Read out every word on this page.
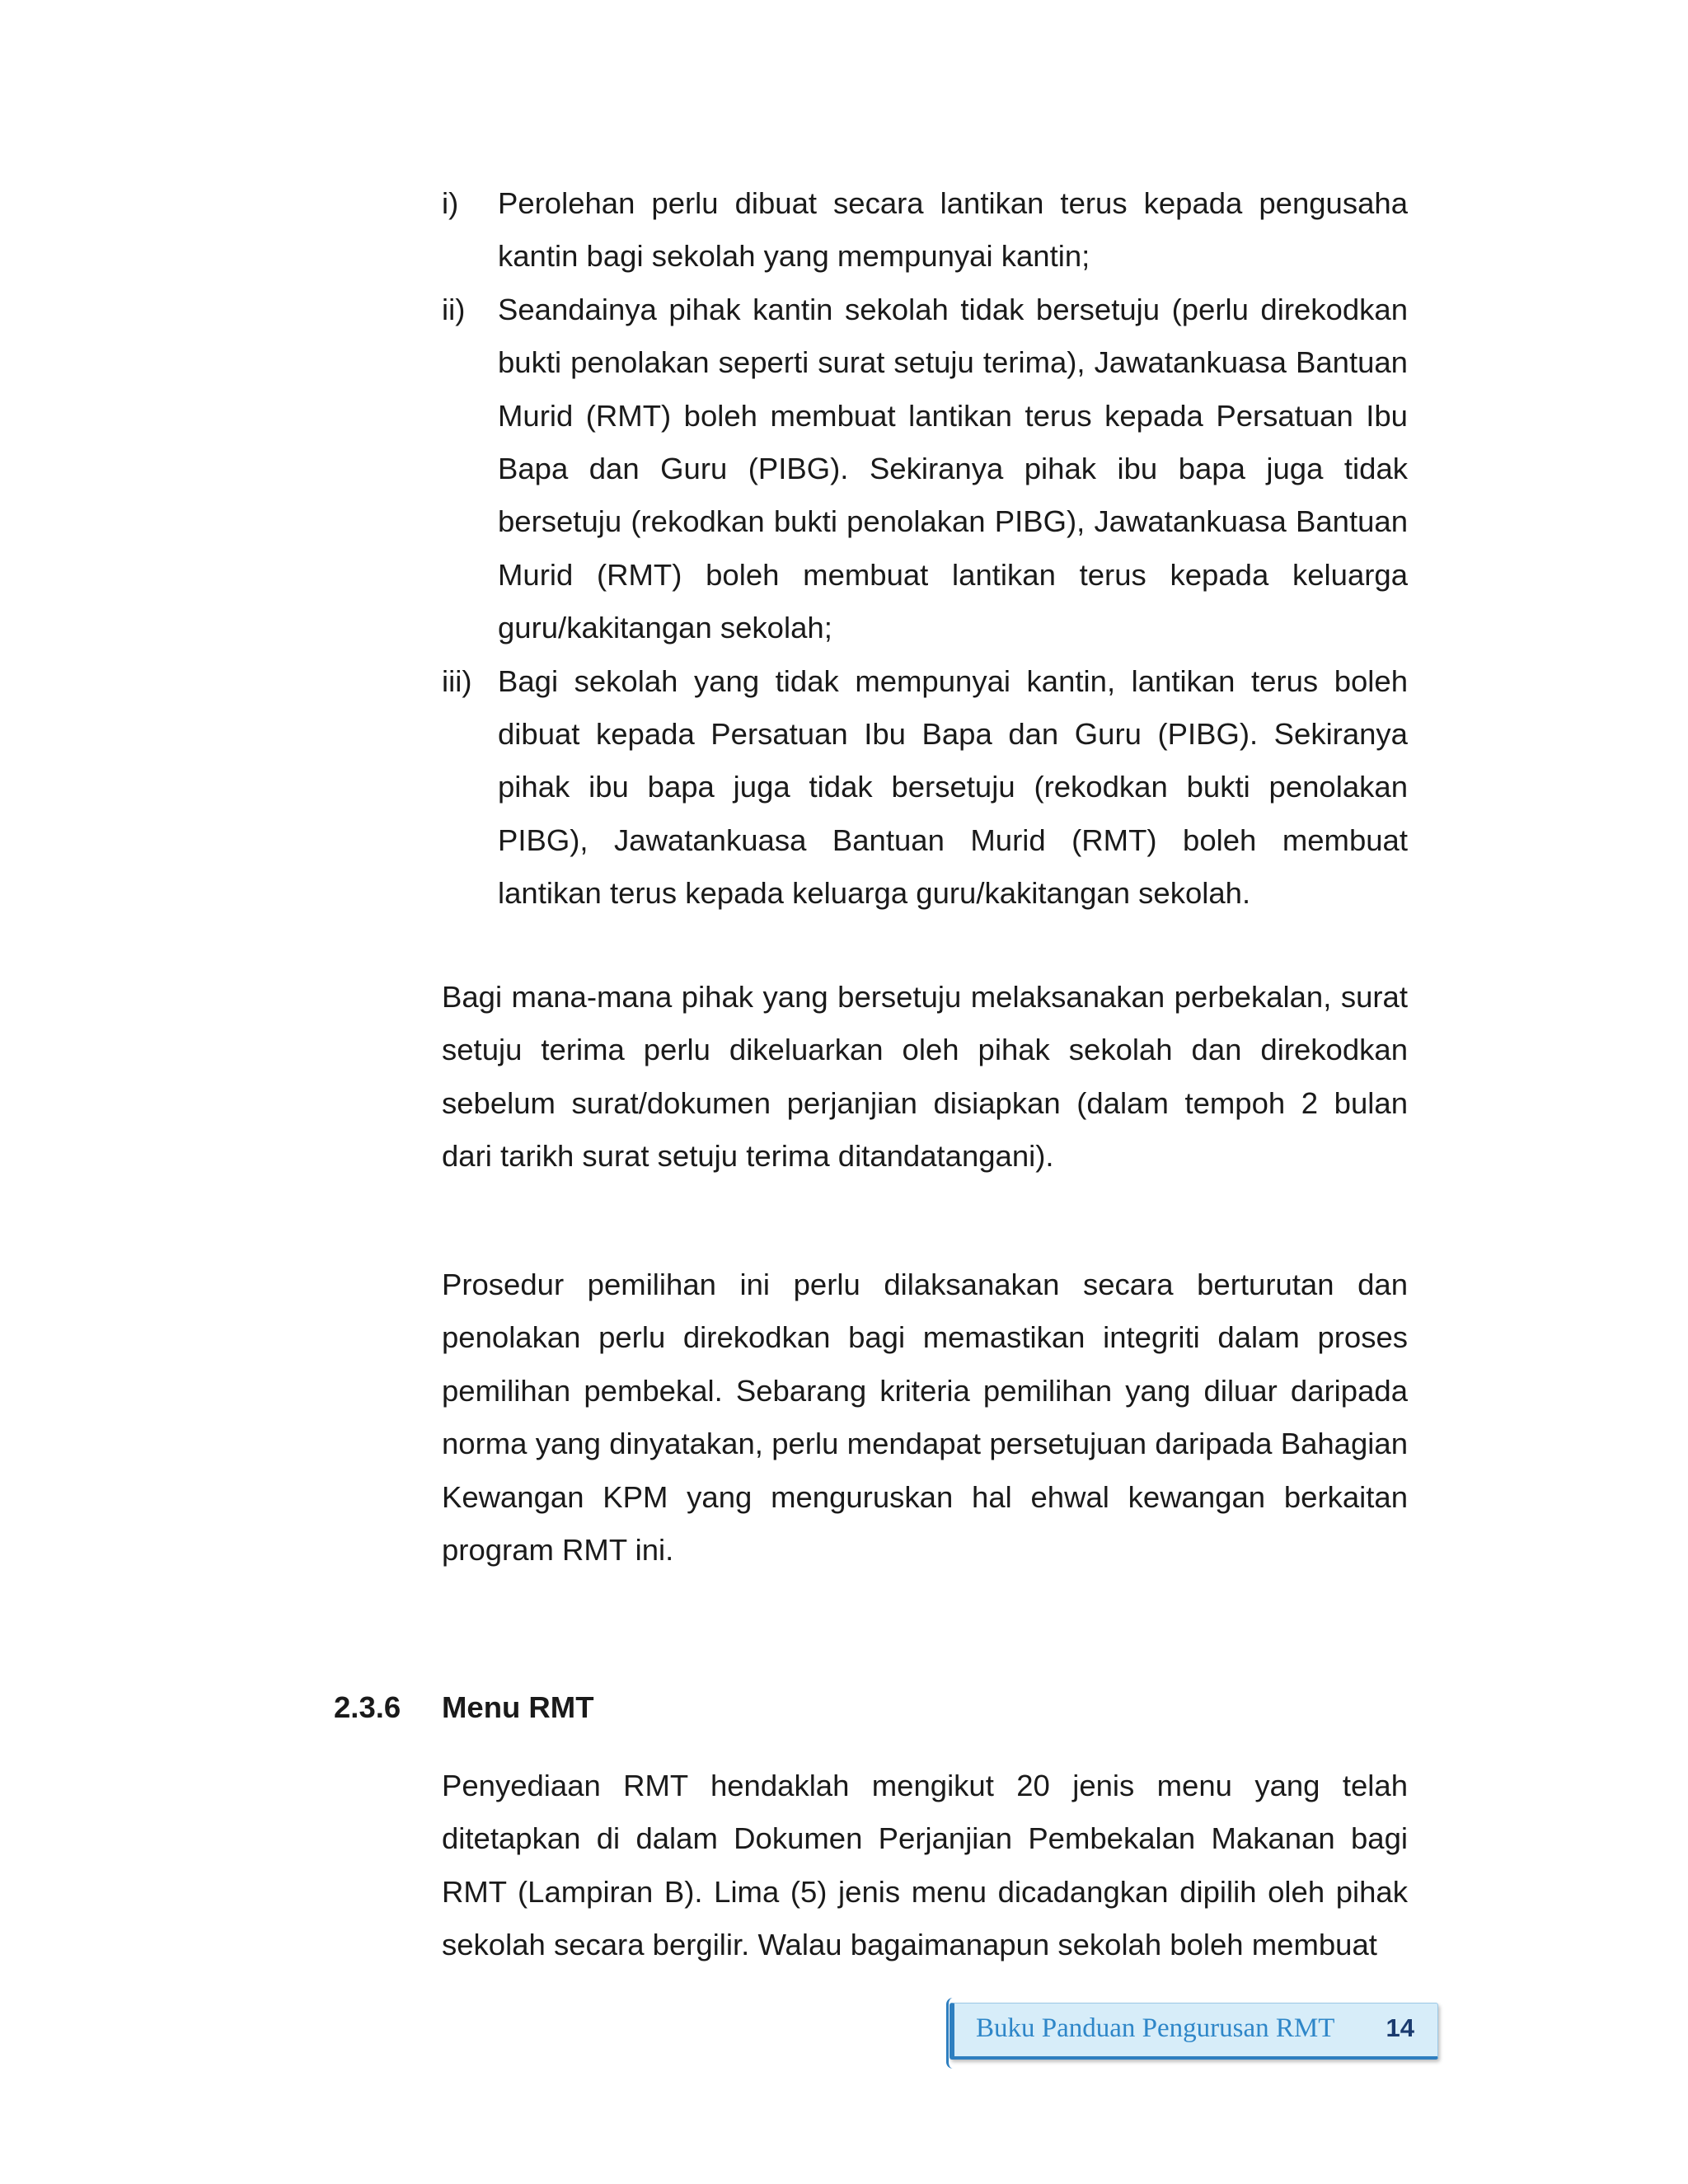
i) Perolehan perlu dibuat secara lantikan terus kepada pengusaha kantin bagi sekolah yang mempunyai kantin;
ii) Seandainya pihak kantin sekolah tidak bersetuju (perlu direkodkan bukti penolakan seperti surat setuju terima), Jawatankuasa Bantuan Murid (RMT) boleh membuat lantikan terus kepada Persatuan Ibu Bapa dan Guru (PIBG). Sekiranya pihak ibu bapa juga tidak bersetuju (rekodkan bukti penolakan PIBG), Jawatankuasa Bantuan Murid (RMT) boleh membuat lantikan terus kepada keluarga guru/kakitangan sekolah;
iii) Bagi sekolah yang tidak mempunyai kantin, lantikan terus boleh dibuat kepada Persatuan Ibu Bapa dan Guru (PIBG). Sekiranya pihak ibu bapa juga tidak bersetuju (rekodkan bukti penolakan PIBG), Jawatankuasa Bantuan Murid (RMT) boleh membuat lantikan terus kepada keluarga guru/kakitangan sekolah.

Bagi mana-mana pihak yang bersetuju melaksanakan perbekalan, surat setuju terima perlu dikeluarkan oleh pihak sekolah dan direkodkan sebelum surat/dokumen perjanjian disiapkan (dalam tempoh 2 bulan dari tarikh surat setuju terima ditandatangani).

Prosedur pemilihan ini perlu dilaksanakan secara berturutan dan penolakan perlu direkodkan bagi memastikan integriti dalam proses pemilihan pembekal. Sebarang kriteria pemilihan yang diluar daripada norma yang dinyatakan, perlu mendapat persetujuan daripada Bahagian Kewangan KPM yang menguruskan hal ehwal kewangan berkaitan program RMT ini.

2.3.6 Menu RMT

Penyediaan RMT hendaklah mengikut 20 jenis menu yang telah ditetapkan di dalam Dokumen Perjanjian Pembekalan Makanan bagi RMT (Lampiran B). Lima (5) jenis menu dicadangkan dipilih oleh pihak sekolah secara bergilir. Walau bagaimanapun sekolah boleh membuat

Buku Panduan Pengurusan RMT 14
